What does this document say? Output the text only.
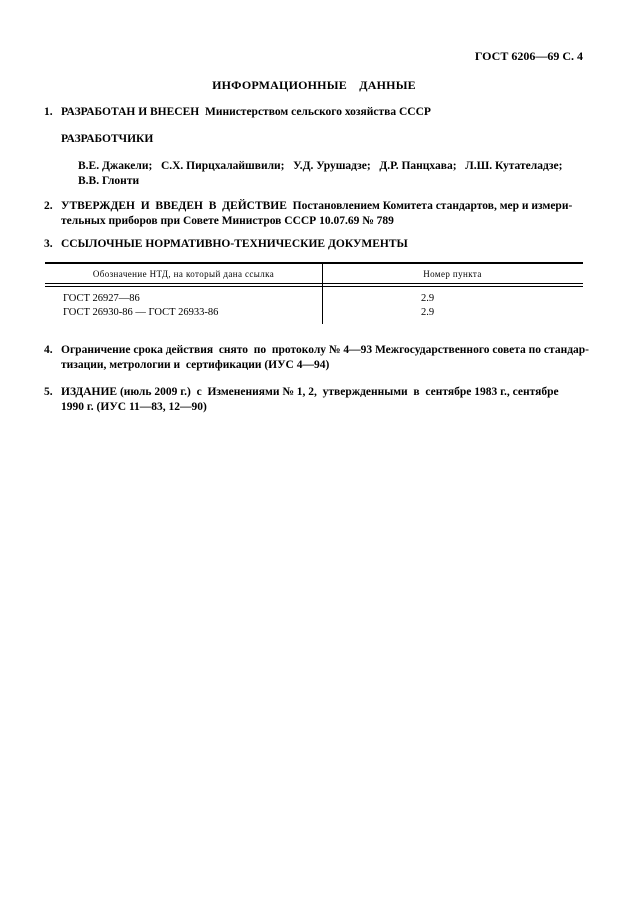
ГОСТ 6206—69 С. 4
ИНФОРМАЦИОННЫЕ  ДАННЫЕ
1. РАЗРАБОТАН И ВНЕСЕН  Министерством сельского хозяйства СССР
РАЗРАБОТЧИКИ
В.Е. Джакели;   С.Х. Пирцхалайшвили;   У.Д. Урушадзе;   Д.Р. Панцхава;   Л.Ш. Кутателадзе;
В.В. Глонти
2. УТВЕРЖДЕН  И  ВВЕДЕН  В  ДЕЙСТВИЕ  Постановлением Комитета стандартов, мер и измери-
тельных приборов при Совете Министров СССР 10.07.69 № 789
3. ССЫЛОЧНЫЕ НОРМАТИВНО-ТЕХНИЧЕСКИЕ ДОКУМЕНТЫ
Обозначение НТД, на который дана ссылка	Номер пункта
ГОСТ 26927—86	2.9
ГОСТ 26930-86 — ГОСТ 26933-86	2.9
4. Ограничение срока действия  снято  по  протоколу № 4—93 Межгосударственного совета по стандар-
тизации, метрологии и  сертификации (ИУС 4—94)
5. ИЗДАНИЕ (июль 2009 г.)  с  Изменениями № 1, 2,  утвержденными  в  сентябре 1983 г., сентябре
1990 г. (ИУС 11—83, 12—90)
